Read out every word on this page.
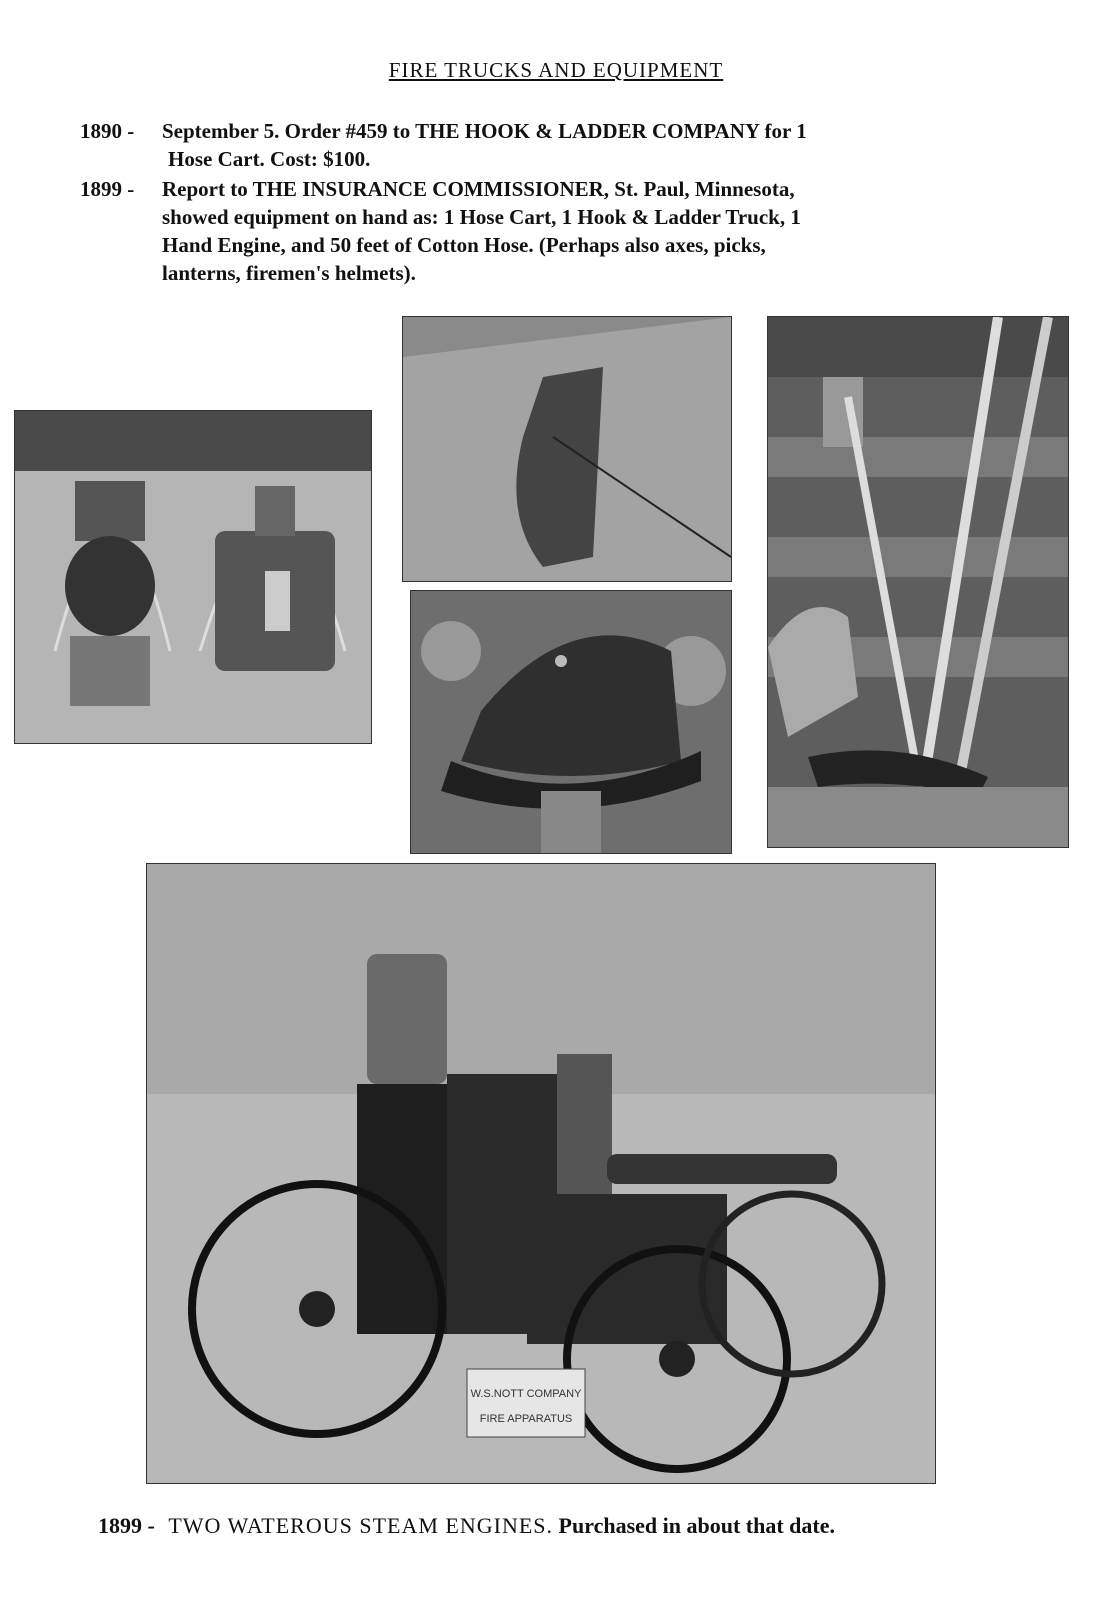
FIRE TRUCKS AND EQUIPMENT
1890 - September 5. Order #459 to THE HOOK & LADDER COMPANY for 1
Hose Cart. Cost: $100.
1899 - Report to THE INSURANCE COMMISSIONER, St. Paul, Minnesota,
showed equipment on hand as: 1 Hose Cart, 1 Hook & Ladder Truck, 1
Hand Engine, and 50 feet of Cotton Hose. (Perhaps also axes, picks,
lanterns, firemen's helmets).
W.S.NOTT COMPANY
FIRE APPARATUS
1899 - TWO WATEROUS STEAM ENGINES. Purchased in about that date.
